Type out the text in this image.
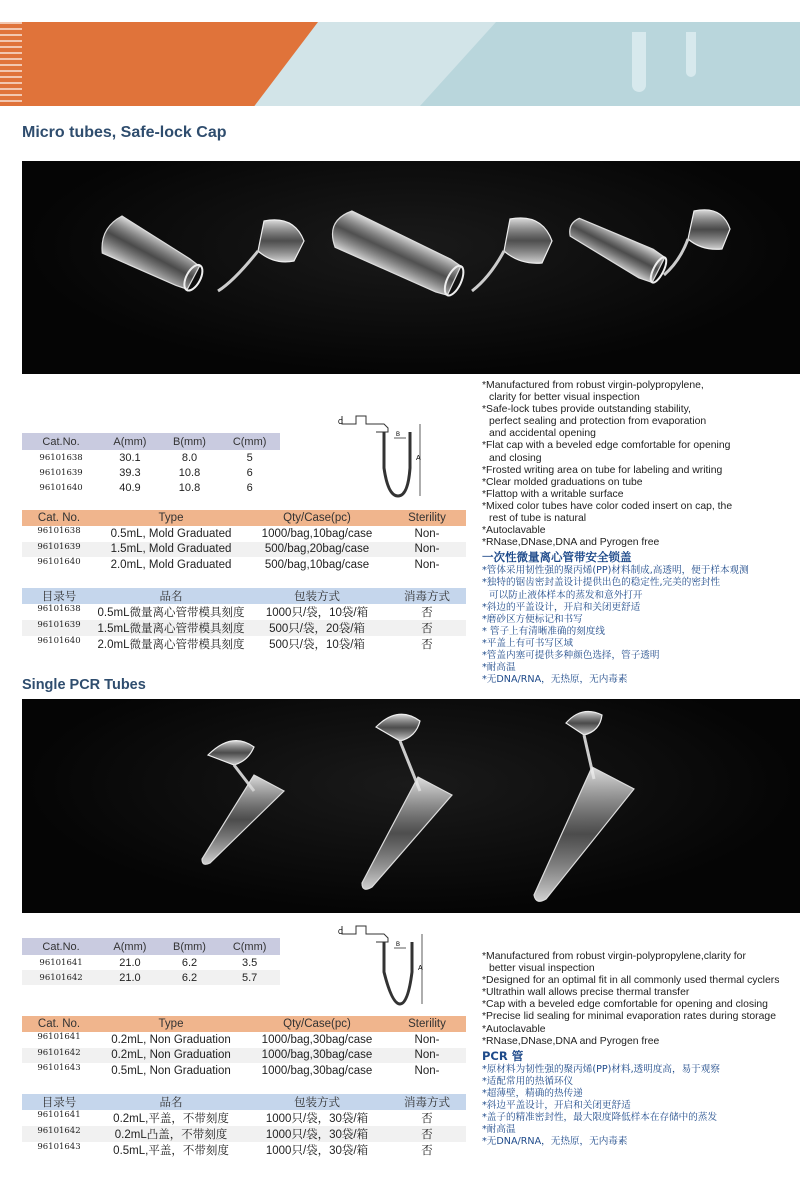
Micro tubes, Safe-lock Cap
C
B
A
Cat.No.	A(mm)	B(mm)	C(mm)
96101638	30.1	8.0	5
96101639	39.3	10.8	6
96101640	40.9	10.8	6
Cat. No.	Type	Qty/Case(pc)	Sterility
96101638	0.5mL, Mold Graduated	1000/bag,10bag/case	Non-
96101639	1.5mL, Mold Graduated	500/bag,20bag/case	Non-
96101640	2.0mL, Mold Graduated	500/bag,10bag/case	Non-
目录号	品名	包装方式	消毒方式
96101638	0.5mL微量离心管带模具刻度	1000只/袋，10袋/箱	否
96101639	1.5mL微量离心管带模具刻度	500只/袋，20袋/箱	否
96101640	2.0mL微量离心管带模具刻度	500只/袋，10袋/箱	否
*Manufactured from robust virgin-polypropylene,
clarity for better visual inspection
*Safe-lock tubes provide outstanding stability,
perfect sealing and protection from evaporation
and accidental opening
*Flat cap with a beveled edge comfortable for opening
and closing
*Frosted writing area on tube for labeling and writing
*Clear molded graduations on tube
*Flattop with a writable surface
*Mixed color tubes have color coded insert on cap, the
rest of tube is natural
*Autoclavable
*RNase,DNase,DNA and Pyrogen free
一次性微量离心管带安全锁盖
*管体采用韧性强的聚丙烯(PP)材料制成,高透明，便于样本观测
*独特的锯齿密封盖设计提供出色的稳定性,完美的密封性
可以防止液体样本的蒸发和意外打开
*斜边的平盖设计，开启和关闭更舒适
*磨砂区方便标记和书写
* 管子上有清晰准确的刻度线
*平盖上有可书写区域
*管盖内塞可提供多种颜色选择，管子透明
*耐高温
*无DNA/RNA，无热原，无内毒素
Single PCR Tubes
C
B
A
Cat.No.	A(mm)	B(mm)	C(mm)
96101641	21.0	6.2	3.5
96101642	21.0	6.2	5.7
Cat. No.	Type	Qty/Case(pc)	Sterility
96101641	0.2mL, Non Graduation	1000/bag,30bag/case	Non-
96101642	0.2mL, Non Graduation	1000/bag,30bag/case	Non-
96101643	0.5mL, Non Graduation	1000/bag,30bag/case	Non-
目录号	品名	包装方式	消毒方式
96101641	0.2mL,平盖，不带刻度	1000只/袋，30袋/箱	否
96101642	0.2mL凸盖，不带刻度	1000只/袋，30袋/箱	否
96101643	0.5mL,平盖，不带刻度	1000只/袋，30袋/箱	否
*Manufactured from robust virgin-polypropylene,clarity for
better visual inspection
*Designed for an optimal fit in all commonly used thermal cyclers
*Ultrathin wall allows precise thermal transfer
*Cap with a beveled edge comfortable for opening and closing
*Precise lid sealing for minimal evaporation rates during storage
*Autoclavable
*RNase,DNase,DNA and Pyrogen free
PCR 管
*原材料为韧性强的聚丙烯(PP)材料,透明度高，易于观察
*适配常用的热循环仪
*超薄壁，精确的热传递
*斜边平盖设计，开启和关闭更舒适
*盖子的精准密封性，最大限度降低样本在存储中的蒸发
*耐高温
*无DNA/RNA，无热原，无内毒素
